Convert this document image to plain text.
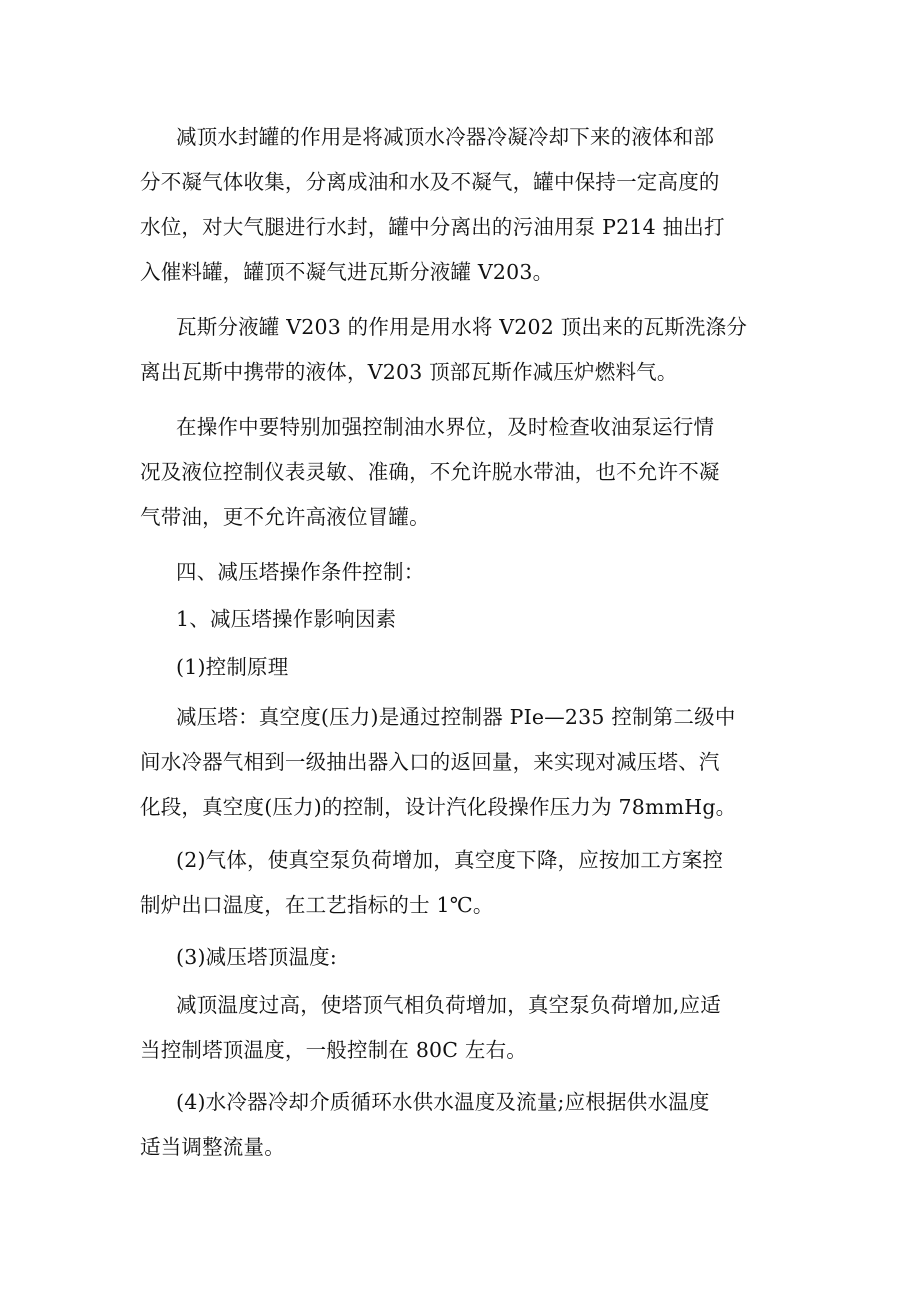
减顶水封罐的作用是将减顶水冷器冷凝冷却下来的液体和部
分不凝气体收集，分离成油和水及不凝气，罐中保持一定高度的
水位，对大气腿进行水封，罐中分离出的污油用泵 P214 抽出打
入催料罐，罐顶不凝气进瓦斯分液罐 V203。

瓦斯分液罐 V203 的作用是用水将 V202 顶出来的瓦斯洗涤分
离出瓦斯中携带的液体，V203 顶部瓦斯作减压炉燃料气。

在操作中要特别加强控制油水界位，及时检查收油泵运行情
况及液位控制仪表灵敏、准确，不允许脱水带油，也不允许不凝
气带油，更不允许高液位冒罐。

四、减压塔操作条件控制：

1、减压塔操作影响因素

(1)控制原理

减压塔：真空度(压力)是通过控制器 PIe—235 控制第二级中
间水冷器气相到一级抽出器入口的返回量，来实现对减压塔、汽
化段，真空度(压力)的控制，设计汽化段操作压力为 78mmHg。

(2)气体，使真空泵负荷增加，真空度下降，应按加工方案控
制炉出口温度，在工艺指标的士 1℃。

(3)减压塔顶温度:

减顶温度过高，使塔顶气相负荷增加，真空泵负荷增加,应适
当控制塔顶温度，一般控制在 80C 左右。

(4)水冷器冷却介质循环水供水温度及流量;应根据供水温度
适当调整流量。
